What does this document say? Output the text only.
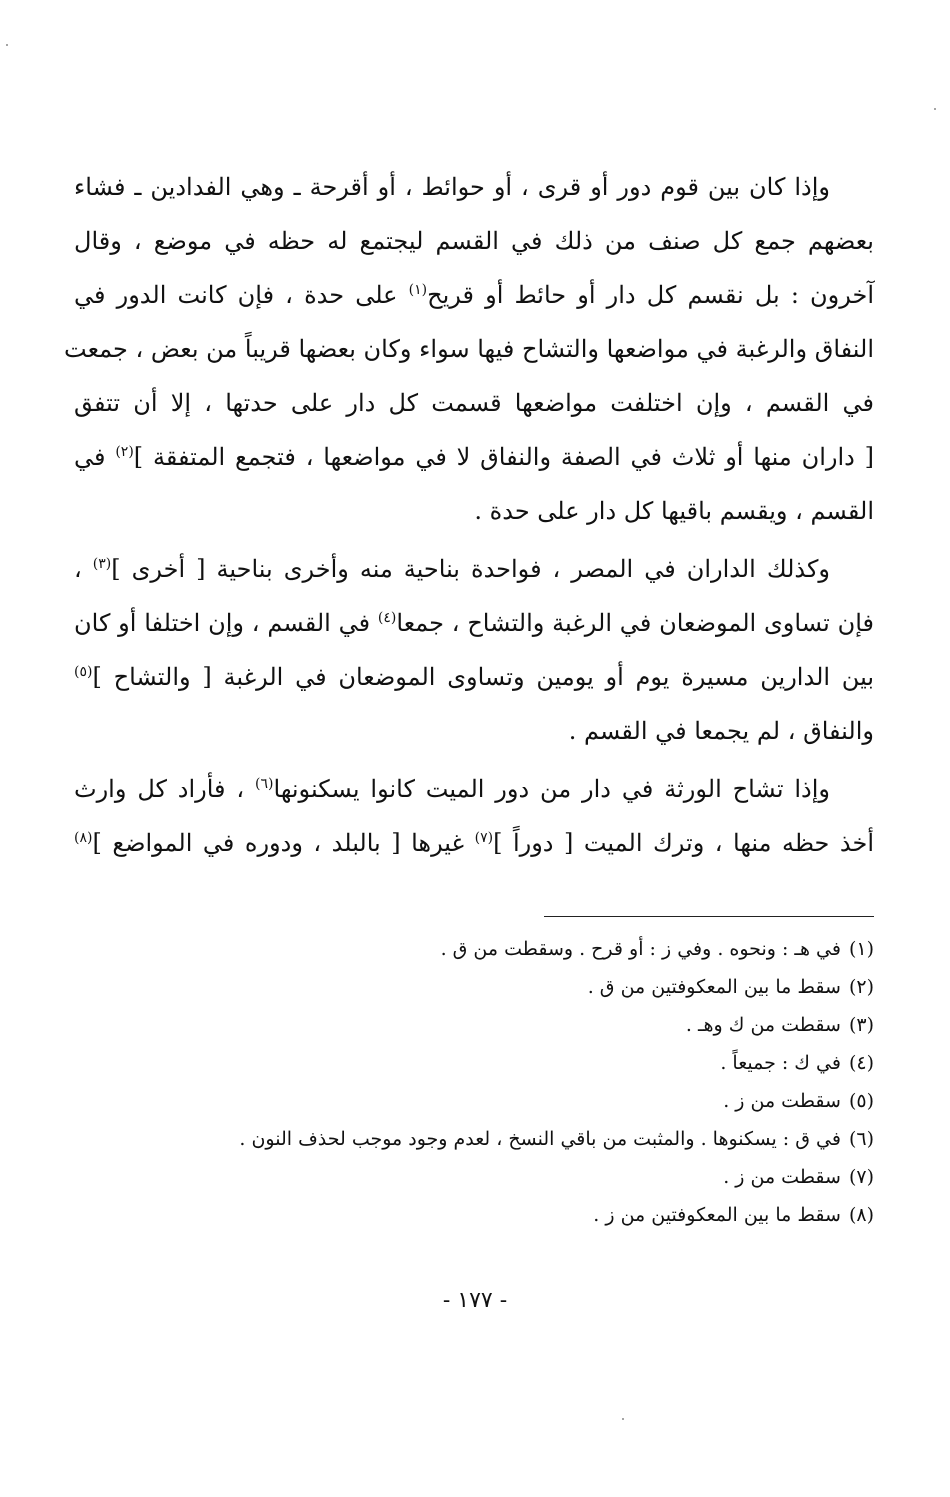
وإذا كان بين قوم دور أو قرى ، أو حوائط ، أو أقرحة ـ وهي الفدادين ـ فشاء
بعضهم جمع كل صنف من ذلك في القسم ليجتمع له حظه في موضع ، وقال
آخرون : بل نقسم كل دار أو حائط أو قريح$^{(١)}$ على حدة ، فإن كانت الدور في
النفاق والرغبة في مواضعها والتشاح فيها سواء وكان بعضها قريباً من بعض ، جمعت
في القسم ، وإن اختلفت مواضعها قسمت كل دار على حدتها ، إلا أن تتفق
[ داران منها أو ثلاث في الصفة والنفاق لا في مواضعها ، فتجمع المتفقة ]$^{(٢)}$ في
القسم ، ويقسم باقيها كل دار على حدة .
وكذلك الداران في المصر ، فواحدة بناحية منه وأخرى بناحية [ أخرى ]$^{(٣)}$ ،
فإن تساوى الموضعان في الرغبة والتشاح ، جمعا$^{(٤)}$ في القسم ، وإن اختلفا أو كان
بين الدارين مسيرة يوم أو يومين وتساوى الموضعان في الرغبة [ والتشاح ]$^{(٥)}$
والنفاق ، لم يجمعا في القسم .
وإذا تشاح الورثة في دار من دور الميت كانوا يسكنونها$^{(٦)}$ ، فأراد كل وارث
أخذ حظه منها ، وترك الميت [ دوراً ]$^{(٧)}$ غيرها [ بالبلد ، ودوره في المواضع ]$^{(٨)}$
(١)في هـ : ونحوه . وفي ز : أو قرح . وسقطت من ق .
(٢)سقط ما بين المعكوفتين من ق .
(٣)سقطت من ك وهـ .
(٤)في ك : جميعاً .
(٥)سقطت من ز .
(٦)في ق : يسكنوها . والمثبت من باقي النسخ ، لعدم وجود موجب لحذف النون .
(٧)سقطت من ز .
(٨)سقط ما بين المعكوفتين من ز .
- ١٧٧ -
